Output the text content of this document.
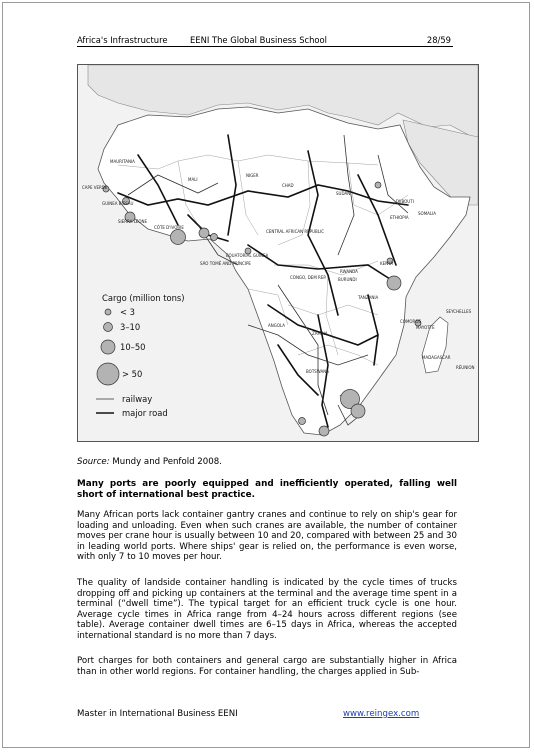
Africa's Infrastructure	EENI The Global Business School	28/59
MAURITANIA
MALI
NIGER
CHAD
SUDAN
DJIBOUTI
SOMALIA
ETHIOPIA
CAPE VERDE
GUINEA BISSAU
SIERRA LEONE
CÔTE D'IVOIRE
CENTRAL AFRICAN REPUBLIC
EQUATORIAL GUINEA
SÃO TOMÉ AND PRÍNCIPE
CONGO, DEM REP.
RWANDA
BURUNDI
KENYA
TANZANIA
SEYCHELLES
COMOROS
MAYOTTE
ANGOLA
ZAMBIA
MADAGASCAR
RÉUNION
BOTSWANA
Cargo (million tons)
< 3
3–10
10–50
> 50
railway
major road
Source: Mundy and Penfold 2008.

Many ports are poorly equipped and inefficiently operated, falling well short of international best practice.

Many African ports lack container gantry cranes and continue to rely on ship's gear for loading and unloading. Even when such cranes are available, the number of container moves per crane hour is usually between 10 and 20, compared with between 25 and 30 in leading world ports. Where ships' gear is relied on, the performance is even worse, with only 7 to 10 moves per hour.

The quality of landside container handling is indicated by the cycle times of trucks dropping off and picking up containers at the terminal and the average time spent in a terminal (“dwell time”). The typical target for an efficient truck cycle is one hour. Average cycle times in Africa range from 4–24 hours across different regions (see table). Average container dwell times are 6–15 days in Africa, whereas the accepted international standard is no more than 7 days.

Port charges for both containers and general cargo are substantially higher in Africa than in other world regions. For container handling, the charges applied in Sub-

Master in International Business EENI	www.reingex.com
